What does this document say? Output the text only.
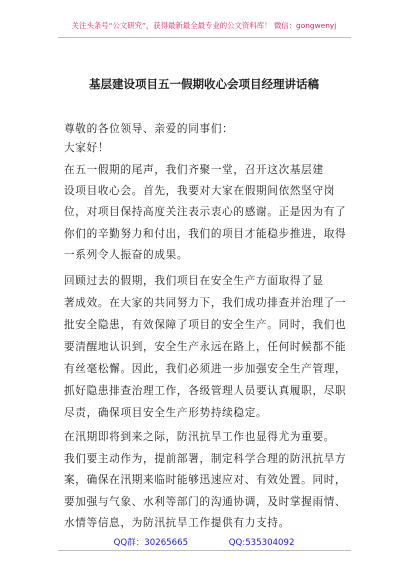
关注头条号“公文研究”，获得最新最全最专业的公文资料库！ 微信：gongwenyj
基层建设项目五一假期收心会项目经理讲话稿
尊敬的各位领导、亲爱的同事们：
大家好！
在五一假期的尾声，我们齐聚一堂，召开这次基层建
设项目收心会。首先，我要对大家在假期间依然坚守岗
位，对项目保持高度关注表示衷心的感谢。正是因为有了
你们的辛勤努力和付出，我们的项目才能稳步推进，取得
一系列令人振奋的成果。
回顾过去的假期，我们项目在安全生产方面取得了显
著成效。在大家的共同努力下，我们成功排查并治理了一
批安全隐患，有效保障了项目的安全生产。同时，我们也
要清醒地认识到，安全生产永远在路上，任何时候都不能
有丝毫松懈。因此，我们必须进一步加强安全生产管理，
抓好隐患排查治理工作，各级管理人员要认真履职，尽职
尽责，确保项目安全生产形势持续稳定。
在汛期即将到来之际，防汛抗旱工作也显得尤为重要。
我们要主动作为，提前部署，制定科学合理的防汛抗旱方
案，确保在汛期来临时能够迅速应对、有效处置。同时，
要加强与气象、水利等部门的沟通协调，及时掌握雨情、
水情等信息，为防汛抗旱工作提供有力支持。
QQ群：30265665	QQ:535304092
